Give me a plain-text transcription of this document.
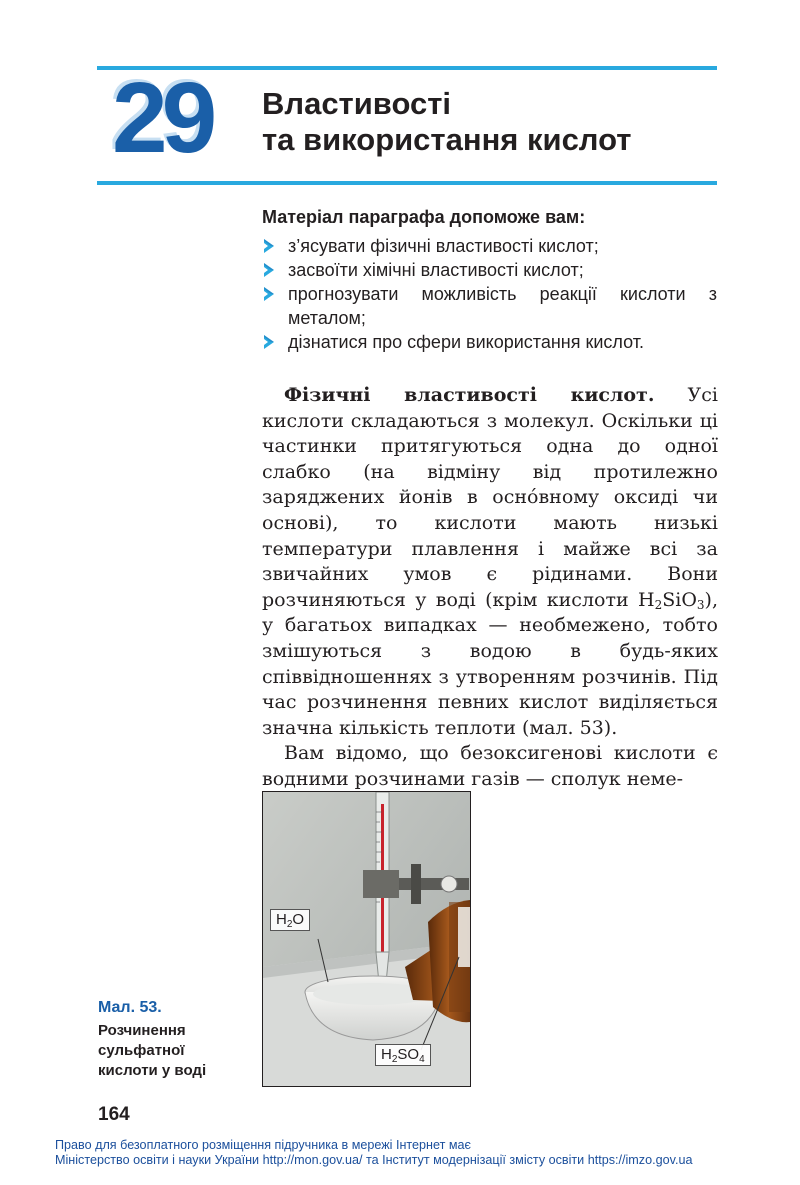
29 Властивості
та використання кислот
Матеріал параграфа допоможе вам:
з’ясувати фізичні властивості кислот;
засвоїти хімічні властивості кислот;
прогнозувати можливість реакції кислоти з металом;
дізнатися про сфери використання кислот.

Фізичні властивості кислот. Усі кислоти складаються з молекул. Оскільки ці частинки притягуються одна до одної слабко (на відміну від протилежно заряджених йонів в осно́вному оксиді чи основі), то кислоти мають низькі температури плавлення і майже всі за звичайних умов є рідинами. Вони розчиняються у воді (крім кислоти $H_2SiO_3$), у багатьох випадках — необмежено, тобто змішуються з водою в будь-яких співвідношеннях з утворенням розчинів. Під час розчинення певних кислот виділяється значна кількість теплоти (мал. 53).

Вам відомо, що безоксигенові кислоти є водними розчинами газів — сполук неме-

$H_2O$
$H_2SO_4$
Мал. 53.
Розчинення сульфатної кислоти у воді
164
Право для безоплатного розміщення підручника в мережі Інтернет має
Міністерство освіти і науки України http://mon.gov.ua/ та Інститут модернізації змісту освіти https://imzo.gov.ua
